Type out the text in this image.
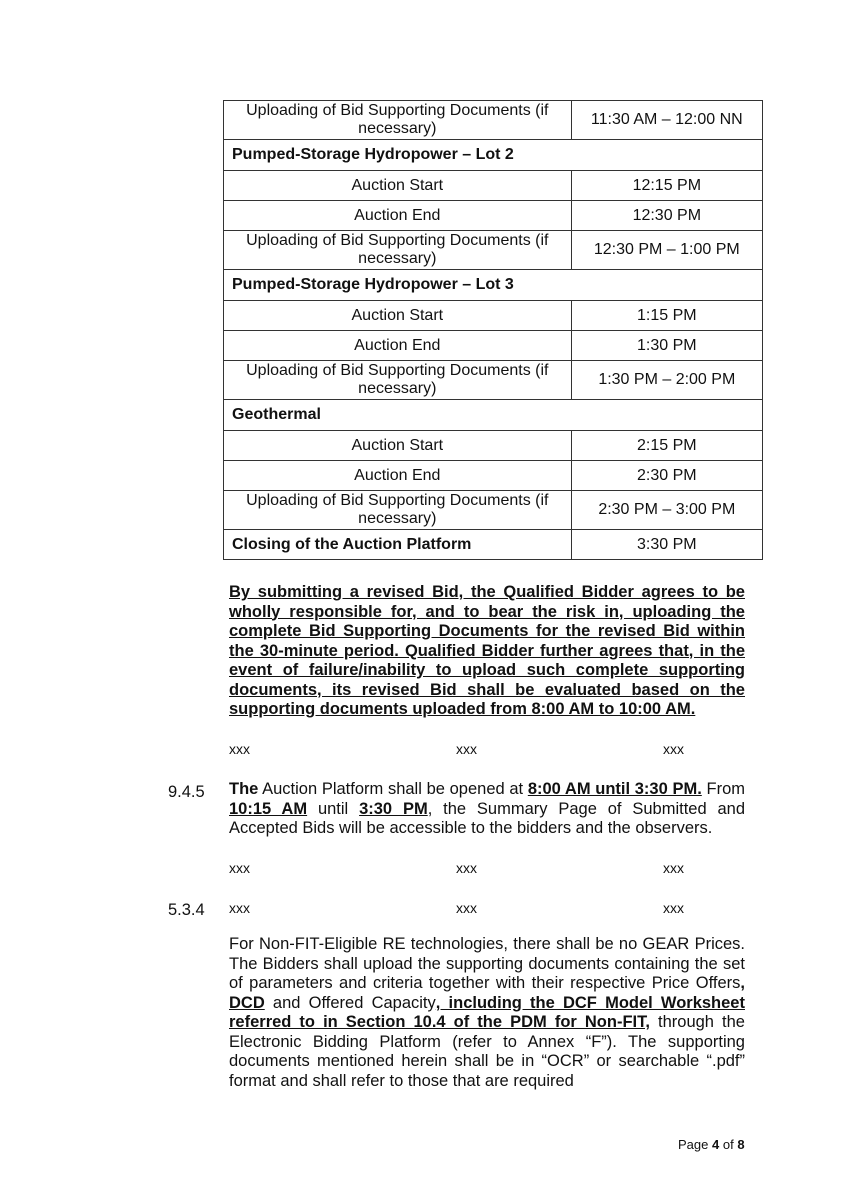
Uploading of Bid Supporting Documents (if necessary)	11:30 AM – 12:00 NN
Pumped-Storage Hydropower – Lot 2	
Auction Start	12:15 PM
Auction End	12:30 PM
Uploading of Bid Supporting Documents (if necessary)	12:30 PM – 1:00 PM
Pumped-Storage Hydropower – Lot 3	
Auction Start	1:15 PM
Auction End	1:30 PM
Uploading of Bid Supporting Documents (if necessary)	1:30 PM – 2:00 PM
Geothermal	
Auction Start	2:15 PM
Auction End	2:30 PM
Uploading of Bid Supporting Documents (if necessary)	2:30 PM – 3:00 PM
Closing of the Auction Platform	3:30 PM
By submitting a revised Bid, the Qualified Bidder agrees to be wholly responsible for, and to bear the risk in, uploading the complete Bid Supporting Documents for the revised Bid within the 30-minute period. Qualified Bidder further agrees that, in the event of failure/inability to upload such complete supporting documents, its revised Bid shall be evaluated based on the supporting documents uploaded from 8:00 AM to 10:00 AM.
xxx	xxx	xxx
9.4.5 The Auction Platform shall be opened at 8:00 AM until 3:30 PM. From 10:15 AM until 3:30 PM, the Summary Page of Submitted and Accepted Bids will be accessible to the bidders and the observers.
xxx	xxx	xxx
5.3.4 xxx	xxx	xxx
For Non-FIT-Eligible RE technologies, there shall be no GEAR Prices. The Bidders shall upload the supporting documents containing the set of parameters and criteria together with their respective Price Offers, DCD and Offered Capacity, including the DCF Model Worksheet referred to in Section 10.4 of the PDM for Non-FIT, through the Electronic Bidding Platform (refer to Annex “F”). The supporting documents mentioned herein shall be in “OCR” or searchable “.pdf” format and shall refer to those that are required
Page 4 of 8
